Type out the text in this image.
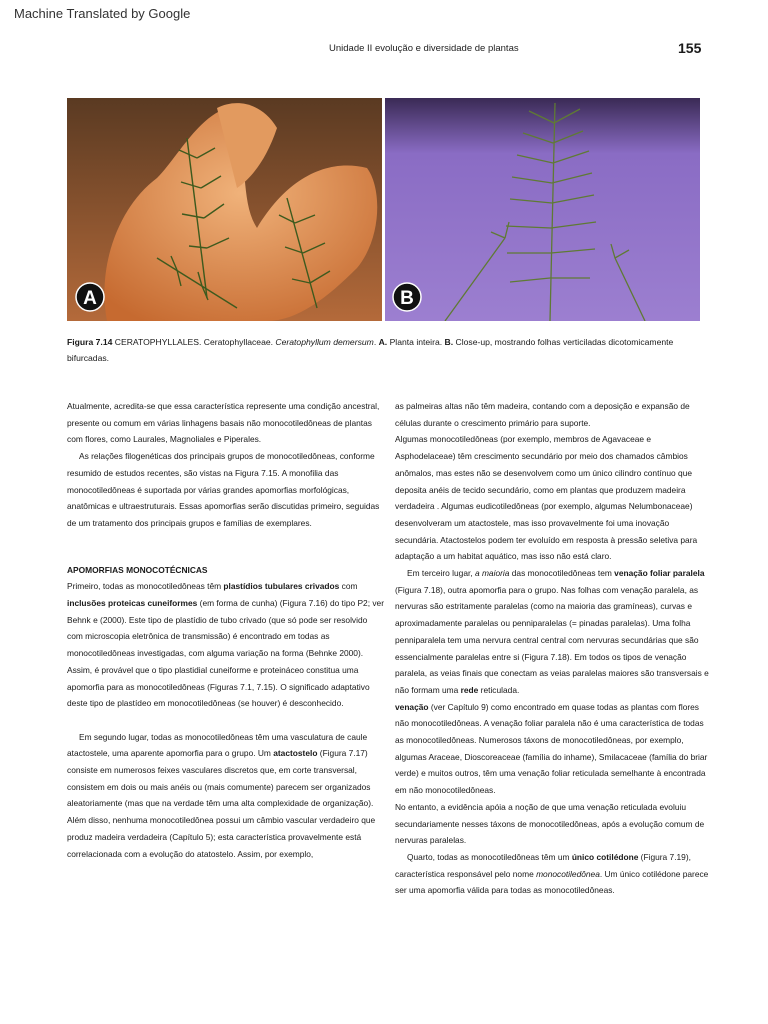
Machine Translated by Google
Unidade II evolução e diversidade de plantas	155
A	B
Figura 7.14 CERATOPHYLLALES. Ceratophyllaceae. Ceratophyllum demersum. A. Planta inteira. B. Close-up, mostrando folhas verticiladas dicotomicamente bifurcadas.

Atualmente, acredita-se que essa característica represente uma condição ancestral, presente ou comum em várias linhagens basais não monocotiledôneas de plantas com flores, como Laurales, Magnoliales e Piperales.

As relações filogenéticas dos principais grupos de monocotiledôneas, conforme resumido de estudos recentes, são vistas na Figura 7.15. A monofilia das monocotiledôneas é suportada por várias grandes apomorfias morfológicas, anatômicas e ultraestruturais. Essas apomorfias serão discutidas primeiro, seguidas de um tratamento dos principais grupos e famílias de exemplares.

APOMORFIAS MONOCOTÉCNICAS

Primeiro, todas as monocotiledôneas têm plastídios tubulares crivados com inclusões proteicas cuneiformes (em forma de cunha) (Figura 7.16) do tipo P2; ver Behnk e (2000). Este tipo de plastídio de tubo crivado (que só pode ser resolvido com microscopia eletrônica de transmissão) é encontrado em todas as monocotiledôneas investigadas, com alguma variação na forma (Behnke 2000). Assim, é provável que o tipo plastidial cuneiforme e proteináceo constitua uma apomorfia para as monocotiledôneas (Figuras 7.1, 7.15). O significado adaptativo deste tipo de plastídeo em monocotiledôneas (se houver) é desconhecido.

Em segundo lugar, todas as monocotiledôneas têm uma vasculatura de caule atactostele, uma aparente apomorfia para o grupo. Um atactostelo (Figura 7.17) consiste em numerosos feixes vasculares discretos que, em corte transversal, consistem em dois ou mais anéis ou (mais comumente) parecem ser organizados aleatoriamente (mas que na verdade têm uma alta complexidade de organização).

Além disso, nenhuma monocotiledônea possui um câmbio vascular verdadeiro que produz madeira verdadeira (Capítulo 5); esta característica provavelmente está correlacionada com a evolução do atatostelo. Assim, por exemplo,

as palmeiras altas não têm madeira, contando com a deposição e expansão de células durante o crescimento primário para suporte.

Algumas monocotiledôneas (por exemplo, membros de Agavaceae e Asphodelaceae) têm crescimento secundário por meio dos chamados câmbios anômalos, mas estes não se desenvolvem como um único cilindro contínuo que deposita anéis de tecido secundário, como em plantas que produzem madeira verdadeira . Algumas eudicotiledôneas (por exemplo, algumas Nelumbonaceae) desenvolveram um atactostele, mas isso provavelmente foi uma inovação secundária. Atactostelos podem ter evoluído em resposta à pressão seletiva para adaptação a um habitat aquático, mas isso não está claro.

Em terceiro lugar, a maioria das monocotiledôneas tem venação foliar paralela (Figura 7.18), outra apomorfia para o grupo. Nas folhas com venação paralela, as nervuras são estritamente paralelas (como na maioria das gramíneas), curvas e aproximadamente paralelas ou penniparalelas (= pinadas paralelas). Uma folha penniparalela tem uma nervura central central com nervuras secundárias que são essencialmente paralelas entre si (Figura 7.18). Em todos os tipos de venação paralela, as veias finais que conectam as veias paralelas maiores são transversais e não formam uma rede reticulada.

venação (ver Capítulo 9) como encontrado em quase todas as plantas com flores não monocotiledôneas. A venação foliar paralela não é uma característica de todas as monocotiledôneas. Numerosos táxons de monocotiledôneas, por exemplo, algumas Araceae, Dioscoreaceae (família do inhame), Smilacaceae (família do briar verde) e muitos outros, têm uma venação foliar reticulada semelhante à encontrada em não monocotiledôneas.

No entanto, a evidência apóia a noção de que uma venação reticulada evoluiu secundariamente nesses táxons de monocotiledôneas, após a evolução comum de nervuras paralelas.

Quarto, todas as monocotiledôneas têm um único cotilédone (Figura 7.19), característica responsável pelo nome monocotiledônea. Um único cotilédone parece ser uma apomorfia válida para todas as monocotiledôneas.
